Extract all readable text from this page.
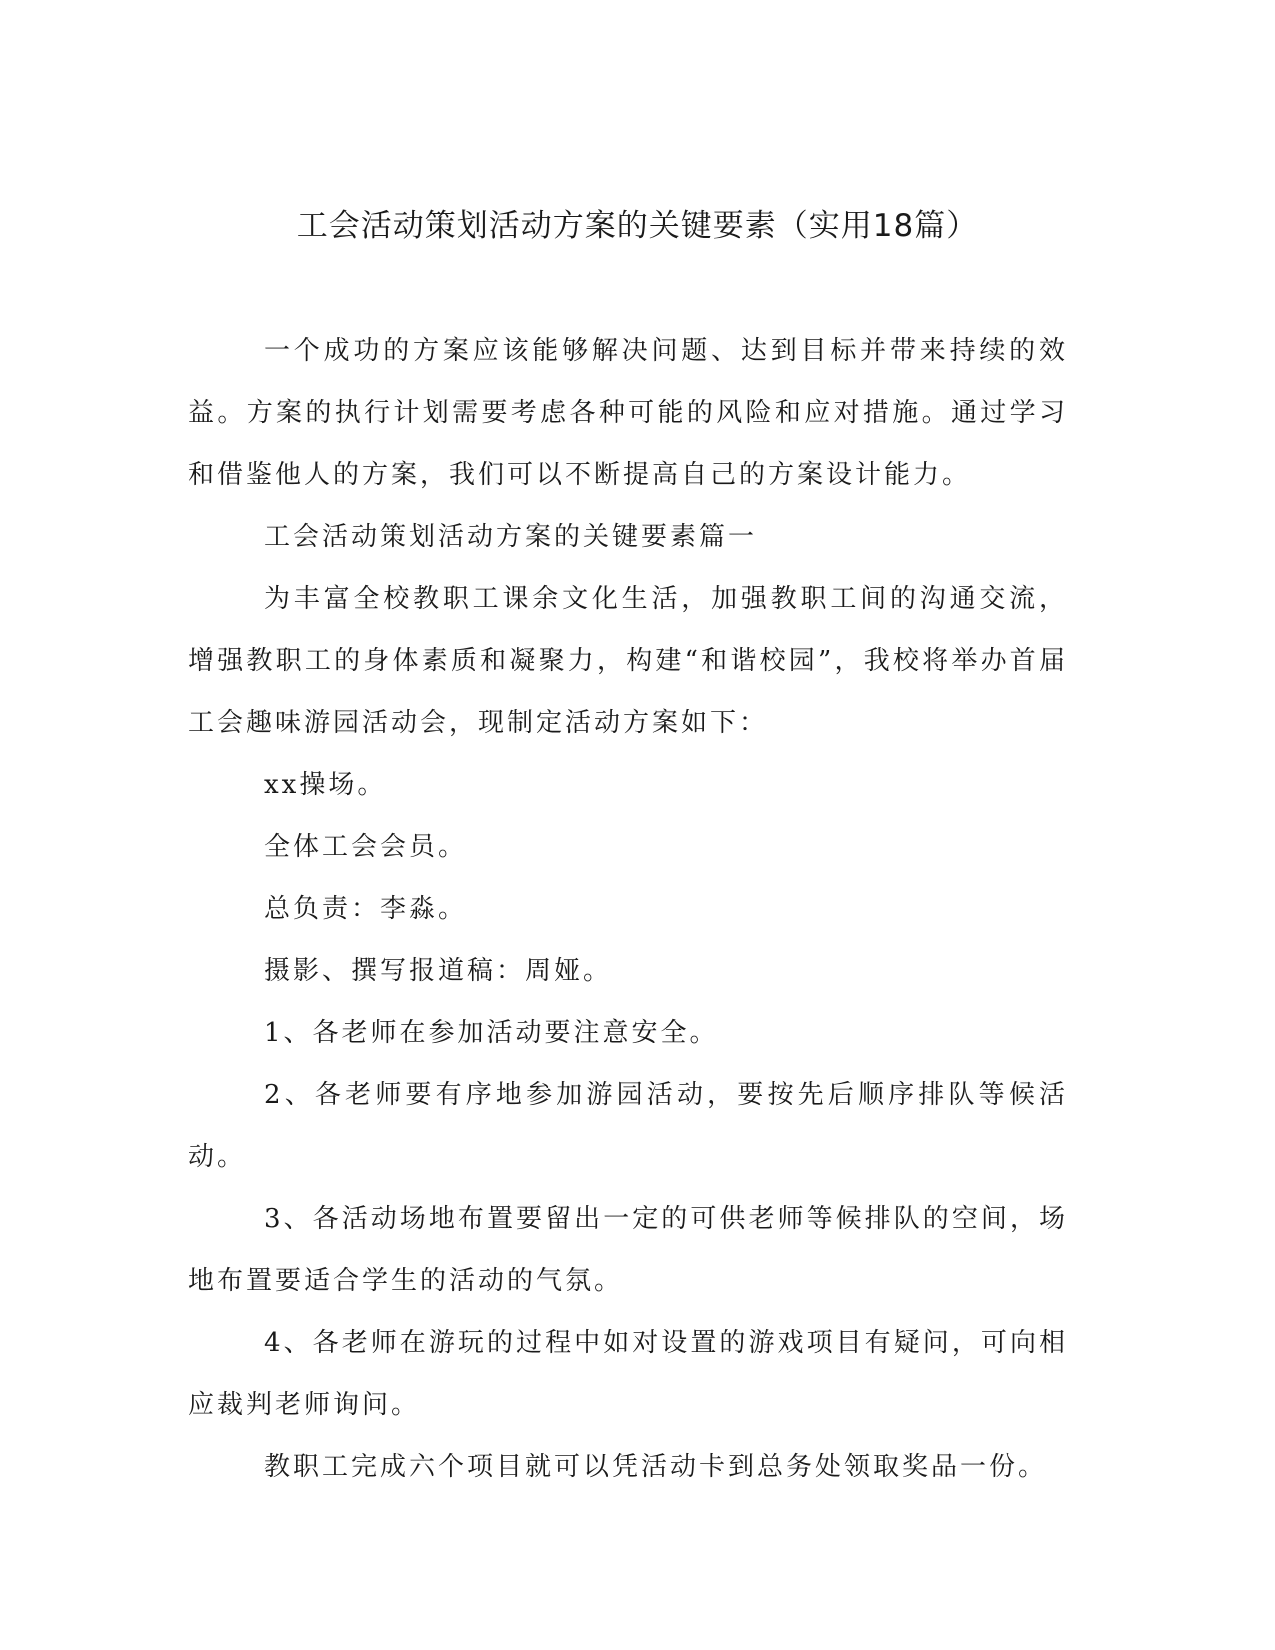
工会活动策划活动方案的关键要素（实用18篇）

一个成功的方案应该能够解决问题、达到目标并带来持续的效益。方案的执行计划需要考虑各种可能的风险和应对措施。通过学习和借鉴他人的方案，我们可以不断提高自己的方案设计能力。

工会活动策划活动方案的关键要素篇一

为丰富全校教职工课余文化生活，加强教职工间的沟通交流，增强教职工的身体素质和凝聚力，构建“和谐校园”，我校将举办首届工会趣味游园活动会，现制定活动方案如下：

xx操场。

全体工会会员。

总负责：李淼。

摄影、撰写报道稿：周娅。

1、各老师在参加活动要注意安全。

2、各老师要有序地参加游园活动，要按先后顺序排队等候活动。

3、各活动场地布置要留出一定的可供老师等候排队的空间，场地布置要适合学生的活动的气氛。

4、各老师在游玩的过程中如对设置的游戏项目有疑问，可向相应裁判老师询问。

教职工完成六个项目就可以凭活动卡到总务处领取奖品一份。
